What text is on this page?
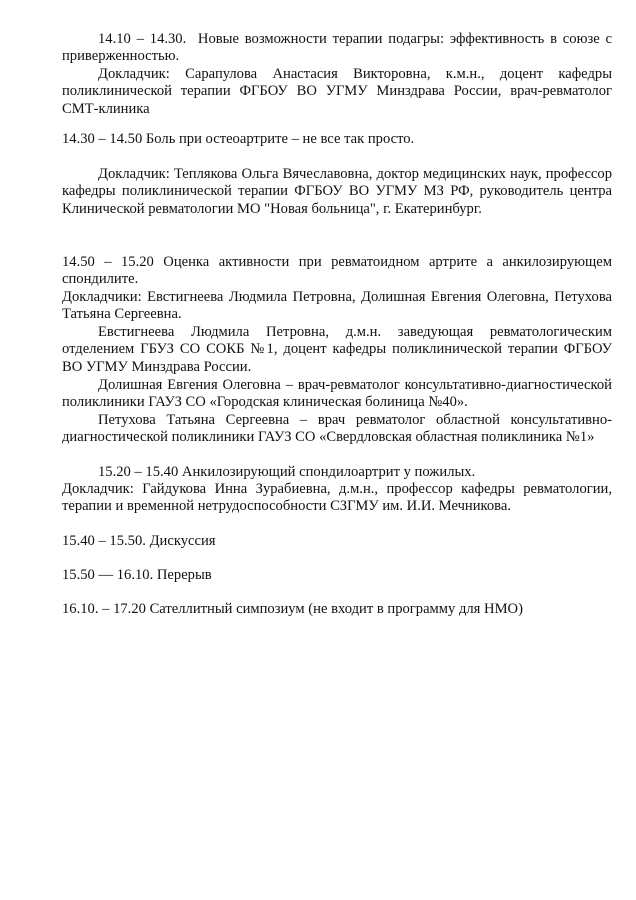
14.10 – 14.30. Новые возможности терапии подагры: эффективность в союзе с приверженностью.

Докладчик: Сарапулова Анастасия Викторовна, к.м.н., доцент кафедры поликлинической терапии ФГБОУ ВО УГМУ Минздрава России, врач-ревматолог СМТ-клиника

14.30 – 14.50 Боль при остеоартрите – не все так просто.

Докладчик: Теплякова Ольга Вячеславовна, доктор медицинских наук, профессор кафедры поликлинической терапии ФГБОУ ВО УГМУ МЗ РФ, руководитель центра Клинической ревматологии МО "Новая больница", г. Екатеринбург.

14.50 – 15.20 Оценка активности при ревматоидном артрите а анкилозирующем спондилите.

Докладчики: Евстигнеева Людмила Петровна, Долишная Евгения Олеговна, Петухова Татьяна Сергеевна.

Евстигнеева Людмила Петровна, д.м.н. заведующая ревматологическим отделением ГБУЗ СО СОКБ №1, доцент кафедры поликлинической терапии ФГБОУ ВО УГМУ Минздрава России.

Долишная Евгения Олеговна – врач-ревматолог консультативно-диагностической поликлиники ГАУЗ СО «Городская клиническая болиница №40».

Петухова Татьяна Сергеевна – врач ревматолог областной консультативно-диагностической поликлиники ГАУЗ СО «Свердловская областная поликлиника №1»

15.20 – 15.40 Анкилозирующий спондилоартрит у пожилых.

Докладчик: Гайдукова Инна Зурабиевна, д.м.н., профессор кафедры ревматологии, терапии и временной нетрудоспособности СЗГМУ им. И.И. Мечникова.

15.40 – 15.50. Дискуссия

15.50 — 16.10. Перерыв

16.10. – 17.20 Сателлитный симпозиум (не входит в программу для НМО)
